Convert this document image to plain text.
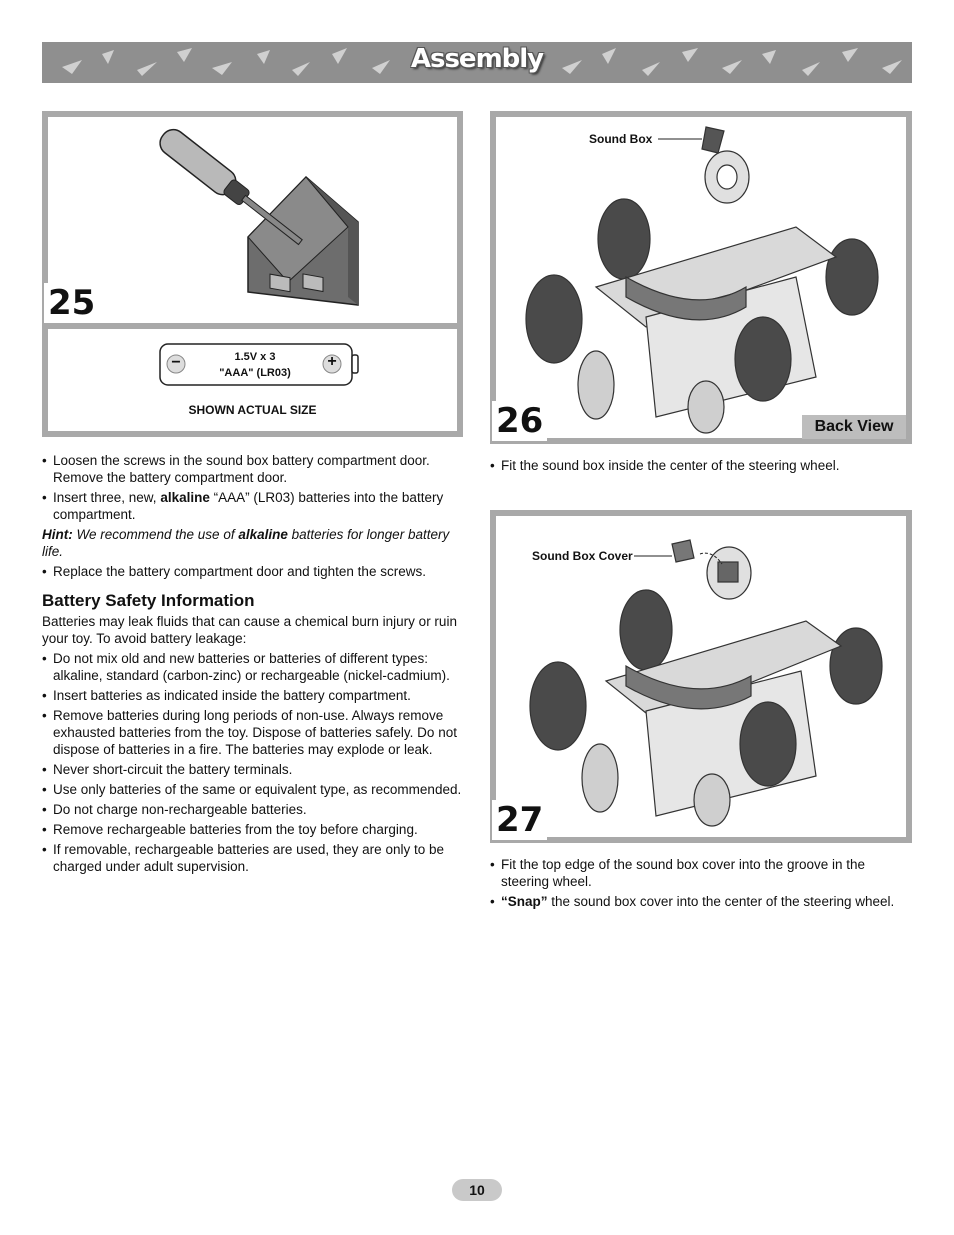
Assembly
25
−	+
1.5V x 3
"AAA" (LR03)
SHOWN ACTUAL SIZE
Sound Box
26	Back View
• Fit the sound box inside the center of the steering wheel.
Sound Box Cover
27
• Fit the top edge of the sound box cover into the groove in the steering wheel.
• “Snap” the sound box cover into the center of the steering wheel.
• Loosen the screws in the sound box battery compartment door. Remove the battery compartment door.
• Insert three, new, alkaline “AAA” (LR03) batteries into the battery compartment.

Hint: We recommend the use of alkaline batteries for longer battery life.

• Replace the battery compartment door and tighten the screws.
Battery Safety Information

Batteries may leak fluids that can cause a chemical burn injury or ruin your toy. To avoid battery leakage:

• Do not mix old and new batteries or batteries of different types: alkaline, standard (carbon-zinc) or rechargeable (nickel-cadmium).
• Insert batteries as indicated inside the battery compartment.
• Remove batteries during long periods of non-use. Always remove exhausted batteries from the toy. Dispose of batteries safely. Do not dispose of batteries in a fire. The batteries may explode or leak.
• Never short-circuit the battery terminals.
• Use only batteries of the same or equivalent type, as recommended.
• Do not charge non-rechargeable batteries.
• Remove rechargeable batteries from the toy before charging.
• If removable, rechargeable batteries are used, they are only to be charged under adult supervision.
10
